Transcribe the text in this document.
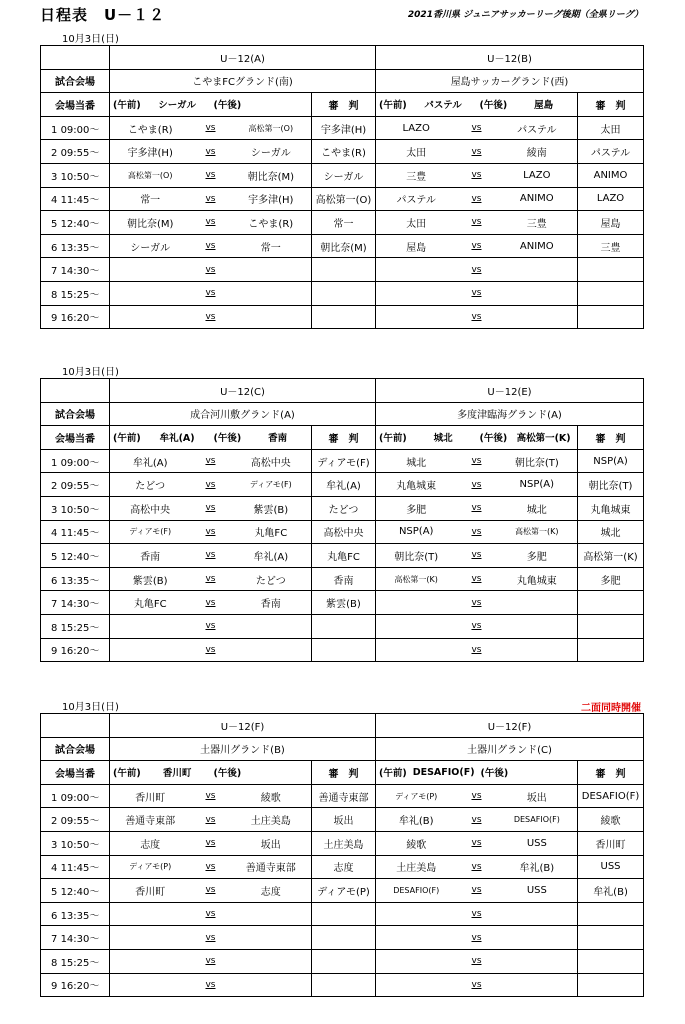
日程表　U－１２	2021香川県 ジュニアサッカーリーグ後期（全県リーグ）
10月3日(日)
	U－12(A)		U－12(B)	
試合会場	こやまFCグランド(南)		屋島サッカーグランド(西)	
会場当番	(午前) シーガル (午後)	審　判	(午前) パステル (午後) 屋島	審　判
1 09:00～	こやま(R) vs 高松第一(O)	宇多津(H)	LAZO vs パステル	太田
2 09:55～	宇多津(H) vs シーガル	こやま(R)	太田 vs 綾南	パステル
3 10:50～	高松第一(O) vs 朝比奈(M)	シーガル	三豊 vs LAZO	ANIMO
4 11:45～	常一 vs 宇多津(H)	高松第一(O)	パステル vs ANIMO	LAZO
5 12:40～	朝比奈(M) vs こやま(R)	常一	太田 vs 三豊	屋島
6 13:35～	シーガル vs 常一	朝比奈(M)	屋島 vs ANIMO	三豊
7 14:30～	vs		vs	

8 15:25～	vs		vs	

9 16:20～	vs		vs	

10月3日(日)
	U－12(C)		U－12(E)	
試合会場	成合河川敷グランド(A)		多度津臨海グランド(A)	
会場当番	(午前) 牟礼(A) (午後) 香南	審　判	(午前) 城北 (午後) 高松第一(K)	審　判
1 09:00～	牟礼(A) vs 高松中央	ディアモ(F)	城北 vs 朝比奈(T)	NSP(A)
2 09:55～	たどつ vs ディアモ(F)	牟礼(A)	丸亀城東 vs NSP(A)	朝比奈(T)
3 10:50～	高松中央 vs 紫雲(B)	たどつ	多肥 vs 城北	丸亀城東
4 11:45～	ディアモ(F) vs 丸亀FC	高松中央	NSP(A) vs 高松第一(K)	城北
5 12:40～	香南 vs 牟礼(A)	丸亀FC	朝比奈(T) vs 多肥	高松第一(K)
6 13:35～	紫雲(B) vs たどつ	香南	高松第一(K) vs 丸亀城東	多肥
7 14:30～	丸亀FC vs 香南	紫雲(B)	vs	

8 15:25～	vs		vs	

9 16:20～	vs		vs	

10月3日(日)	二面同時開催
	U－12(F)		U－12(F)	
試合会場	土器川グランド(B)		土器川グランド(C)	
会場当番	(午前) 香川町 (午後)	審　判	(午前) DESAFIO(F) (午後)	審　判
1 09:00～	香川町 vs 綾歌	善通寺東部	ディアモ(P) vs 坂出	DESAFIO(F)
2 09:55～	善通寺東部 vs 土庄美島	坂出	牟礼(B) vs DESAFIO(F)	綾歌
3 10:50～	志度 vs 坂出	土庄美島	綾歌 vs USS	香川町
4 11:45～	ディアモ(P) vs 善通寺東部	志度	土庄美島 vs 牟礼(B)	USS
5 12:40～	香川町 vs 志度	ディアモ(P)	DESAFIO(F) vs USS	牟礼(B)
6 13:35～	vs		vs	

7 14:30～	vs		vs	

8 15:25～	vs		vs	

9 16:20～	vs		vs	
